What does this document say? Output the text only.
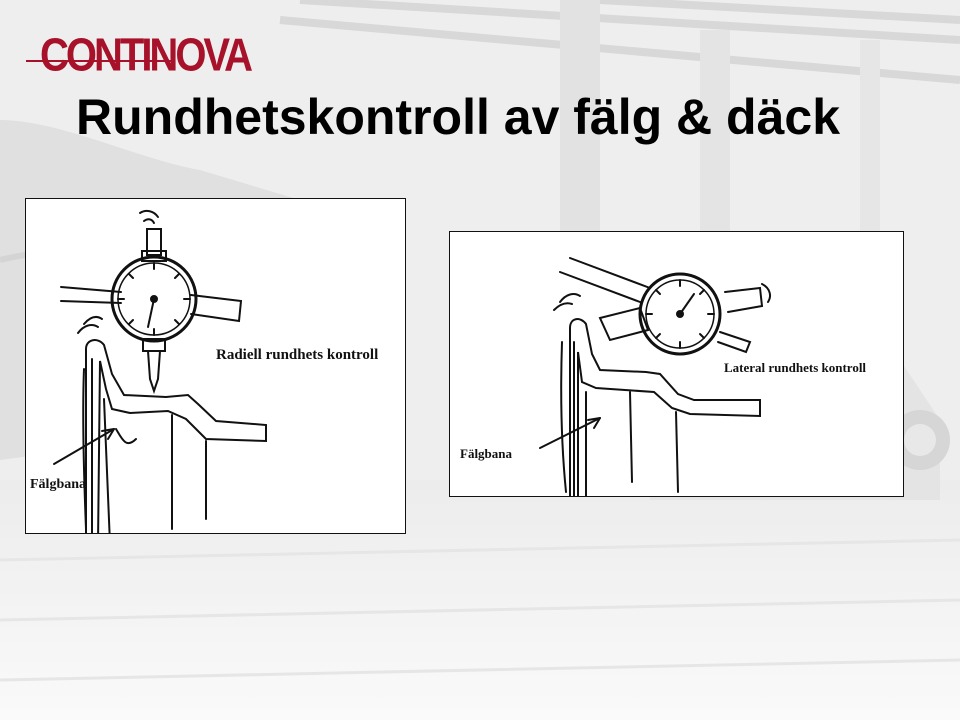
CONTINOVA
Rundhetskontroll av fälg & däck
Radiell rundhets kontroll
Fälgbana
Lateral rundhets kontroll
Fälgbana
